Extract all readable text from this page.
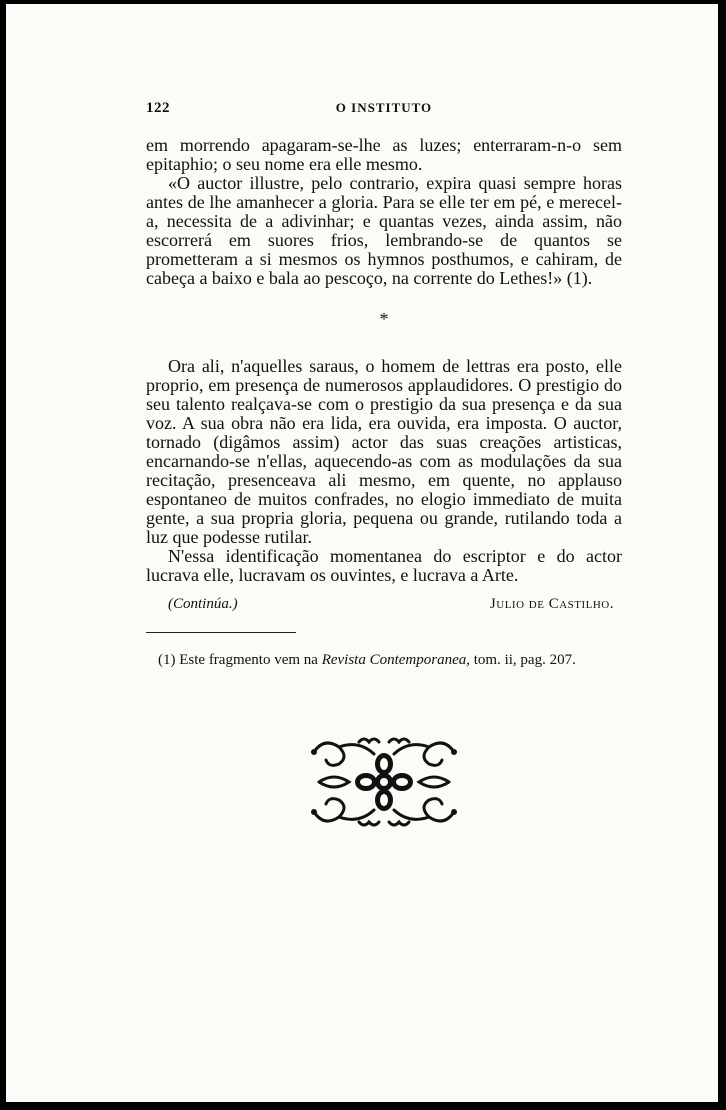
122	O INSTITUTO

em morrendo apagaram-se-lhe as luzes; enterraram-n-o sem epitaphio; o seu nome era elle mesmo.

«O auctor illustre, pelo contrario, expira quasi sempre horas antes de lhe amanhecer a gloria. Para se elle ter em pé, e merecel-a, necessita de a adivinhar; e quantas vezes, ainda assim, não escorrerá em suores frios, lembrando-se de quantos se prometteram a si mesmos os hymnos posthumos, e cahiram, de cabeça a baixo e bala ao pescoço, na corrente do Lethes!» (1).

*

Ora ali, n'aquelles saraus, o homem de lettras era posto, elle proprio, em presença de numerosos applaudidores. O prestigio do seu talento realçava-se com o prestigio da sua presença e da sua voz. A sua obra não era lida, era ouvida, era imposta. O auctor, tornado (digâmos assim) actor das suas creações artisticas, encarnando-se n'ellas, aquecendo-as com as modulações da sua recitação, presenceava ali mesmo, em quente, no applauso espontaneo de muitos confrades, no elogio immediato de muita gente, a sua propria gloria, pequena ou grande, rutilando toda a luz que podesse rutilar.

N'essa identificação momentanea do escriptor e do actor lucrava elle, lucravam os ouvintes, e lucrava a Arte.

(Continúa.)	Julio de Castilho.
(1) Este fragmento vem na Revista Contemporanea, tom. ii, pag. 207.
